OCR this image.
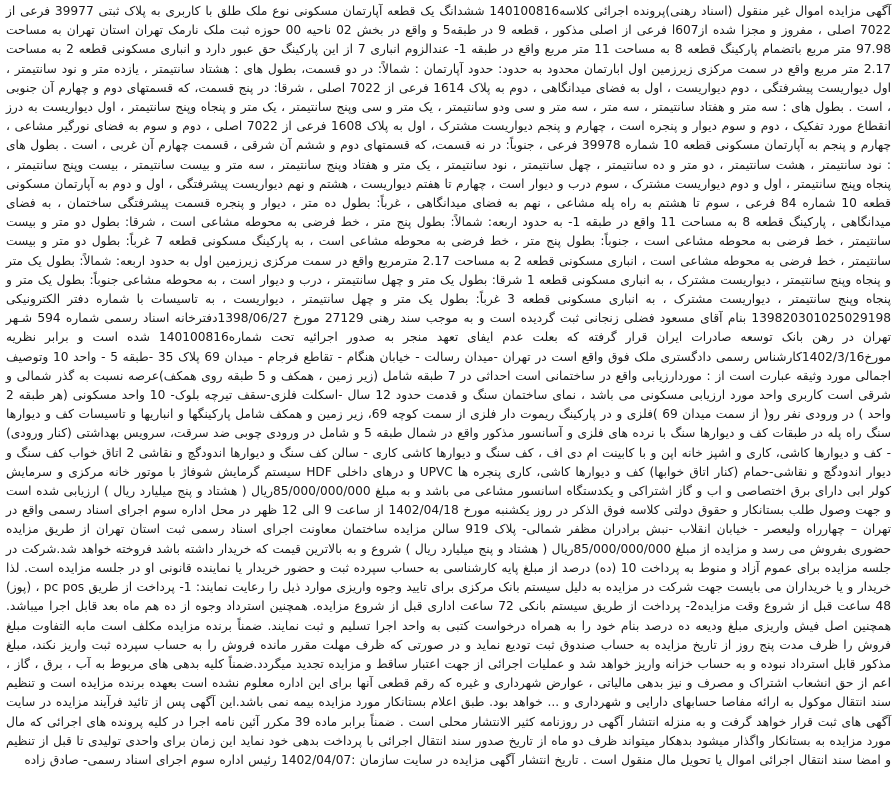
آگهی مزایده اموال غیر منقول (اسناد رهنی)پرونده اجرائی کلاسه140100816 ششدانگ یک قطعه آپارتمان مسکونی نوع ملک طلق با کاربری به پلاک ثبتی 39977 فرعی از 7022 اصلی ، مفروز و مجزا شده ازl607 فرعی از اصلی مذکور ، قطعه 9 در طبقه5 و واقع در بخش 02 ناحیه 00 حوزه ثبت ملک نارمک تهران استان تهران به مساحت 97.98 متر مربع باتضمام پارکینگ قطعه 8 به مساحت 11 متر مربع واقع در طبقه 1- عندالزوم انباری 7 از این پارکینگ حق عبور دارد و انباری مسکونی قطعه 2 به مساحت 2.17 متر مربع واقع در سمت مرکزی زیرزمین اول ابارتمان محدود به حدود: حدود آپارتمان : شمالاً: در دو قسمت، بطول های : هشتاد سانتیمتر ، یازده متر و نود سانتیمتر ، اول دیواریست پیشرفتگی ، دوم دیواریست ، اول به فضای میدانگاهی ، دوم به پلاک 1614 فرعی از 7022 اصلی ، شرقا: در پنج قسمت، که قسمتهای دوم و چهارم آن جنوبی ، است . بطول های : سه متر و هفتاد سانتیمتر ، سه متر ، سه متر و سی ودو سانتیمتر ، یک متر و سی وپنج سانتیمتر ، یک متر و پنجاه وپنج سانتیمتر ، اول دیواریست به درز انقطاع مورد تفکیک ، دوم و سوم دیوار و پنجره است ، چهارم و پنجم دیواریست مشترک ، اول به پلاک 1608 فرعی از 7022 اصلی ، دوم و سوم به فضای نورگیر مشاعی ، چهارم و پنجم به آپارتمان مسکونی قطعه 10 شماره 39978 فرعی ، جنوباً: در نه قسمت، که قسمتهای دوم و ششم آن شرقی ، قسمت چهارم آن غربی ، است . بطول های : نود سانتیمتر ، هشت سانتیمتر ، دو متر و ده سانتیمتر ، چهل سانتیمتر ، نود سانتیمتر ، یک متر و هفتاد وپنج سانتیمتر ، سه متر و بیست سانتیمتر ، بیست وپنج سانتیمتر ، پنجاه وپنج سانتیمتر ، اول و دوم دیواریست مشترک ، سوم درب و دیوار است ، چهارم تا هفتم دیواریست ، هشتم و نهم دیواریست پیشرفتگی ، اول و دوم به آپارتمان مسکونی قطعه 10 شماره 84 فرعی ، سوم تا هشتم به راه پله مشاعی ، نهم به فضای میدانگاهی ، غرباً: بطول ده متر ، دیوار و پنجره قسمت پیشرفتگی ساختمان ، به فضای میدانگاهی ، پارکینگ قطعه 8 به مساحت 11 واقع در طبقه 1- به حدود اربعه: شمالاً: بطول پنج متر ، خط فرضی به محوطه مشاعی است ، شرقا: بطول دو متر و بیست سانتیمتر ، خط فرضی به محوطه مشاعی است ، جنوباً: بطول پنج متر ، خط فرضی به محوطه مشاعی است ، به پارکینگ مسکونی قطعه 7 غرباً: بطول دو متر و بیست سانتیمتر ، خط فرضی به محوطه مشاعی است ، انباری مسکونی قطعه 2 به مساحت 2.17 مترمربع واقع در سمت مرکزی زیرزمین اول به حدود اربعه: شمالاً: بطول یک متر و پنجاه وپنج سانتیمتر ، دیواریست مشترک ، به انباری مسکونی قطعه 1 شرقا: بطول یک متر و چهل سانتیمتر ، درب و دیوار است ، به محوطه مشاعی جنوباً: بطول یک متر و پنجاه وپنج سانتیمتر ، دیواریست مشترک ، به انباری مسکونی قطعه 3 غرباً: بطول یک متر و چهل سانتیمتر ، دیواریست ، به تاسیسات با شماره دفتر الکترونیکی 139820301025029198 بنام آقای مسعود فضلی زنجانی ثبت گردیده است و به موجب سند رهنی 27129 مورخ 1398/06/27دفترخانه اسناد رسمی شماره 594 شـهر تهران در رهن بانک توسعه صادرات ایران قرار گرفته که بعلت عدم ایفای تعهد منجر به صدور اجرائیه تحت شماره140100816 شده است و برابر نظریه مورخ1402/3/16کارشناس رسمی دادگستری ملک فوق واقع است در تهران -میدان رسالت - خیابان هنگام - تقاطع فرجام - میدان 69 پلاک 35 -طبقه 5 - واحد 10 وتوصیف اجمالی مورد وثیقه عبارت است از : موردارزیابی واقع در ساختمانی است احداثی در 7 طبقه شامل (زیر زمین ، همکف و 5 طبقه روی همکف)عرصه نسبت به گذر شمالی و شرقی است کاربری واحد مورد ارزیابی مسکونی می باشد ، نمای ساختمان سنگ و قدمت حدود 12 سال -اسکلت فلزی-سقف تیرچه بلوک- 10 واحد مسکونی (هر طبقه 2 واحد ) در ورودی نفر رو( از سمت میدان 69 )فلزی و در پارکینگ ریموت دار فلزی از سمت کوچه 69، زیر زمین و همکف شامل پارکینگها و انباریها و تاسیسات کف و دیوارها سنگ راه پله در طبقات کف و دیوارها سنگ با نرده های فلزی و آسانسور مذکور واقع در شمال طبقه 5 و شامل در ورودی چوبی ضد سرقت، سرویس بهداشتی (کنار ورودی) - کف و دیوارها کاشی، کاری و اشپز خانه اپن و با کابینت ام دی اف ، کف سنگ و دیوارها کاشی کاری - سالن کف سنگ و دیوارها اندودگچ و نقاشی 2 اتاق خواب کف سنگ و دیوار اندودگچ و نقاشی-حمام (کنار اتاق خوابها) کف و دیوارها کاشی، کاری پنجره ها UPVC و درهای داخلی HDF سیستم گرمایش شوفاژ با موتور خانه مرکزی و سرمایش کولر ابی دارای برق اختصاصی و اب و گاز اشتراکی و یکدستگاه اسانسور مشاعی می باشد و به مبلغ 85/000/000/000ریال ( هشتاد و پنج میلیارد ریال ) ارزیابی شده است و جهت وصول طلب بستانکار و حقوق دولتی کلاسه فوق الذکر در روز یکشنبه مورخ 1402/04/18 از ساعت 9 الی 12 ظهر در محل اداره سوم اجرای اسناد رسمی واقع در تهران – چهارراه ولیعصر - خیابان انقلاب -نبش برادران مظفر شمالی- پلاک 919 سالن مزایده ساختمان معاونت اجرای اسناد رسمی ثبت استان تهران از طریق مزایده حضوری بفروش می رسد و مزایده از مبلغ 85/000/000/000ریال ( هشتاد و پنج میلیارد ریال ) شروع و به بالاترین قیمت که خریدار داشته باشد فروخته خواهد شد.شرکت در جلسه مزایده برای عموم آزاد و منوط به پرداخت 10 (ده) درصد از مبلغ پایه کارشناسی به حساب سپرده ثبت و حضور خریدار یا نماینده قانونی او در جلسه مزایده است. لذا خریدار و یا خریداران می بایست جهت شرکت در مزایده به دلیل سیستم بانک مرکزی برای تایید وجوه واریزی موارد ذیل را رعایت نمایند: 1- پرداخت از طریق pc pos ، (پوز) 48 ساعت قبل از شروع وقت مزایده2- پرداخت از طریق سیستم بانکی 72 ساعت اداری قبل از شروع مزایده. همچنین استرداد وجوه از ده هم ماه بعد قابل اجرا میباشد. همچنین اصل فیش واریزی مبلغ ودیعه ده درصد بنام خود را به همراه درخواست کتبی به واحد اجرا تسلیم و ثبت نمایند. ضمناً برنده مزایده مکلف است مابه التفاوت مبلغ فروش را ظرف مدت پنج روز از تاریخ مزایده به حساب صندوق ثبت تودیع نماید و در صورتی که ظرف مهلت مقرر مانده فروش را به حساب سپرده ثبت واریز نکند، مبلغ مذکور قابل استرداد نبوده و به حساب خزانه واریز خواهد شد و عملیات اجرائی از جهت اعتبار ساقط و مزایده تجدید میگردد.ضمناً کلیه بدهی های مربوط به آب ، برق ، گاز ، اعم از حق انشعاب اشتراک و مصرف و نیز بدهی مالیاتی ، عوارض شهرداری و غیره که رقم قطعی آنها برای این اداره معلوم نشده است بعهده برنده مزایده است و تنظیم سند انتقال موکول به ارائه مفاصا حسابهای دارایی و شهرداری و ... خواهد بود. طبق اعلام بستانکار مورد مزایده بیمه نمی باشد.این آگهی پس از تائید فرآیند مزایده در سایت آگهی های ثبت قرار خواهد گرفت و به منزله انتشار آگهی در روزنامه کثیر الانتشار محلی است . ضمناً برابر ماده 39 مکرر آئین نامه اجرا در کلیه پرونده های اجرائی که مال مورد مزایده به بستانکار واگذار میشود بدهکار میتواند ظرف دو ماه از تاریخ صدور سند انتقال اجرائی با پرداخت بدهی خود نماید این زمان برای واحدی تولیدی تا قبل از تنظیم و امضا سند انتقال اجرائی اموال یا تحویل مال منقول است . تاریخ انتشار آگهی مزایده در سایت سازمان :1402/04/07 رئیس اداره سوم اجرای اسناد رسمی- صادق زاده
